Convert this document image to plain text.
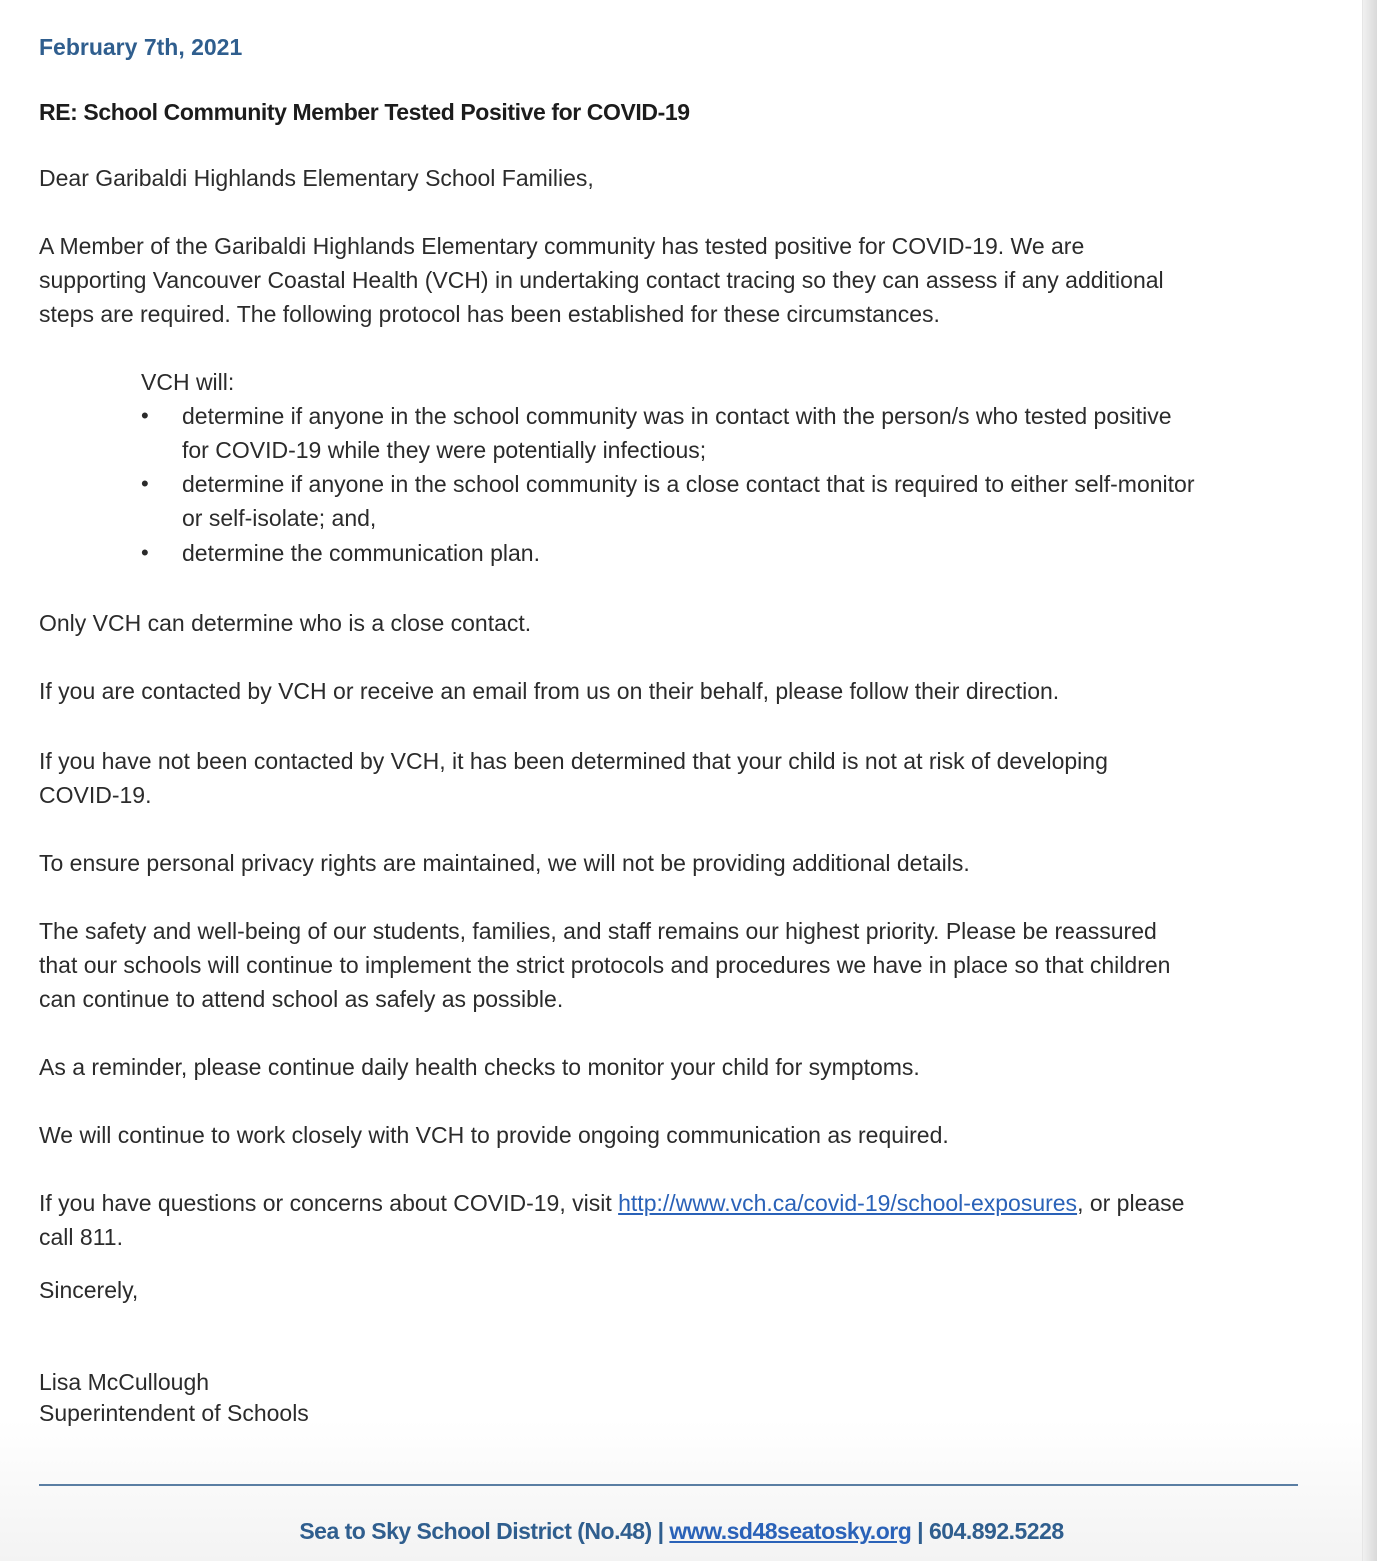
February 7th, 2021
RE: School Community Member Tested Positive for COVID-19
Dear Garibaldi Highlands Elementary School Families,
A Member of the Garibaldi Highlands Elementary community has tested positive for COVID-19. We are
supporting Vancouver Coastal Health (VCH) in undertaking contact tracing so they can assess if any additional
steps are required. The following protocol has been established for these circumstances.
VCH will:
• determine if anyone in the school community was in contact with the person/s who tested positive
for COVID-19 while they were potentially infectious;
• determine if anyone in the school community is a close contact that is required to either self-monitor
or self-isolate; and,
• determine the communication plan.
Only VCH can determine who is a close contact.
If you are contacted by VCH or receive an email from us on their behalf, please follow their direction.
If you have not been contacted by VCH, it has been determined that your child is not at risk of developing
COVID-19.
To ensure personal privacy rights are maintained, we will not be providing additional details.
The safety and well-being of our students, families, and staff remains our highest priority. Please be reassured
that our schools will continue to implement the strict protocols and procedures we have in place so that children
can continue to attend school as safely as possible.
As a reminder, please continue daily health checks to monitor your child for symptoms.
We will continue to work closely with VCH to provide ongoing communication as required.
If you have questions or concerns about COVID-19, visit http://www.vch.ca/covid-19/school-exposures, or please
call 811.
Sincerely,
Lisa McCullough
Superintendent of Schools
Sea to Sky School District (No.48) | www.sd48seatosky.org | 604.892.5228
